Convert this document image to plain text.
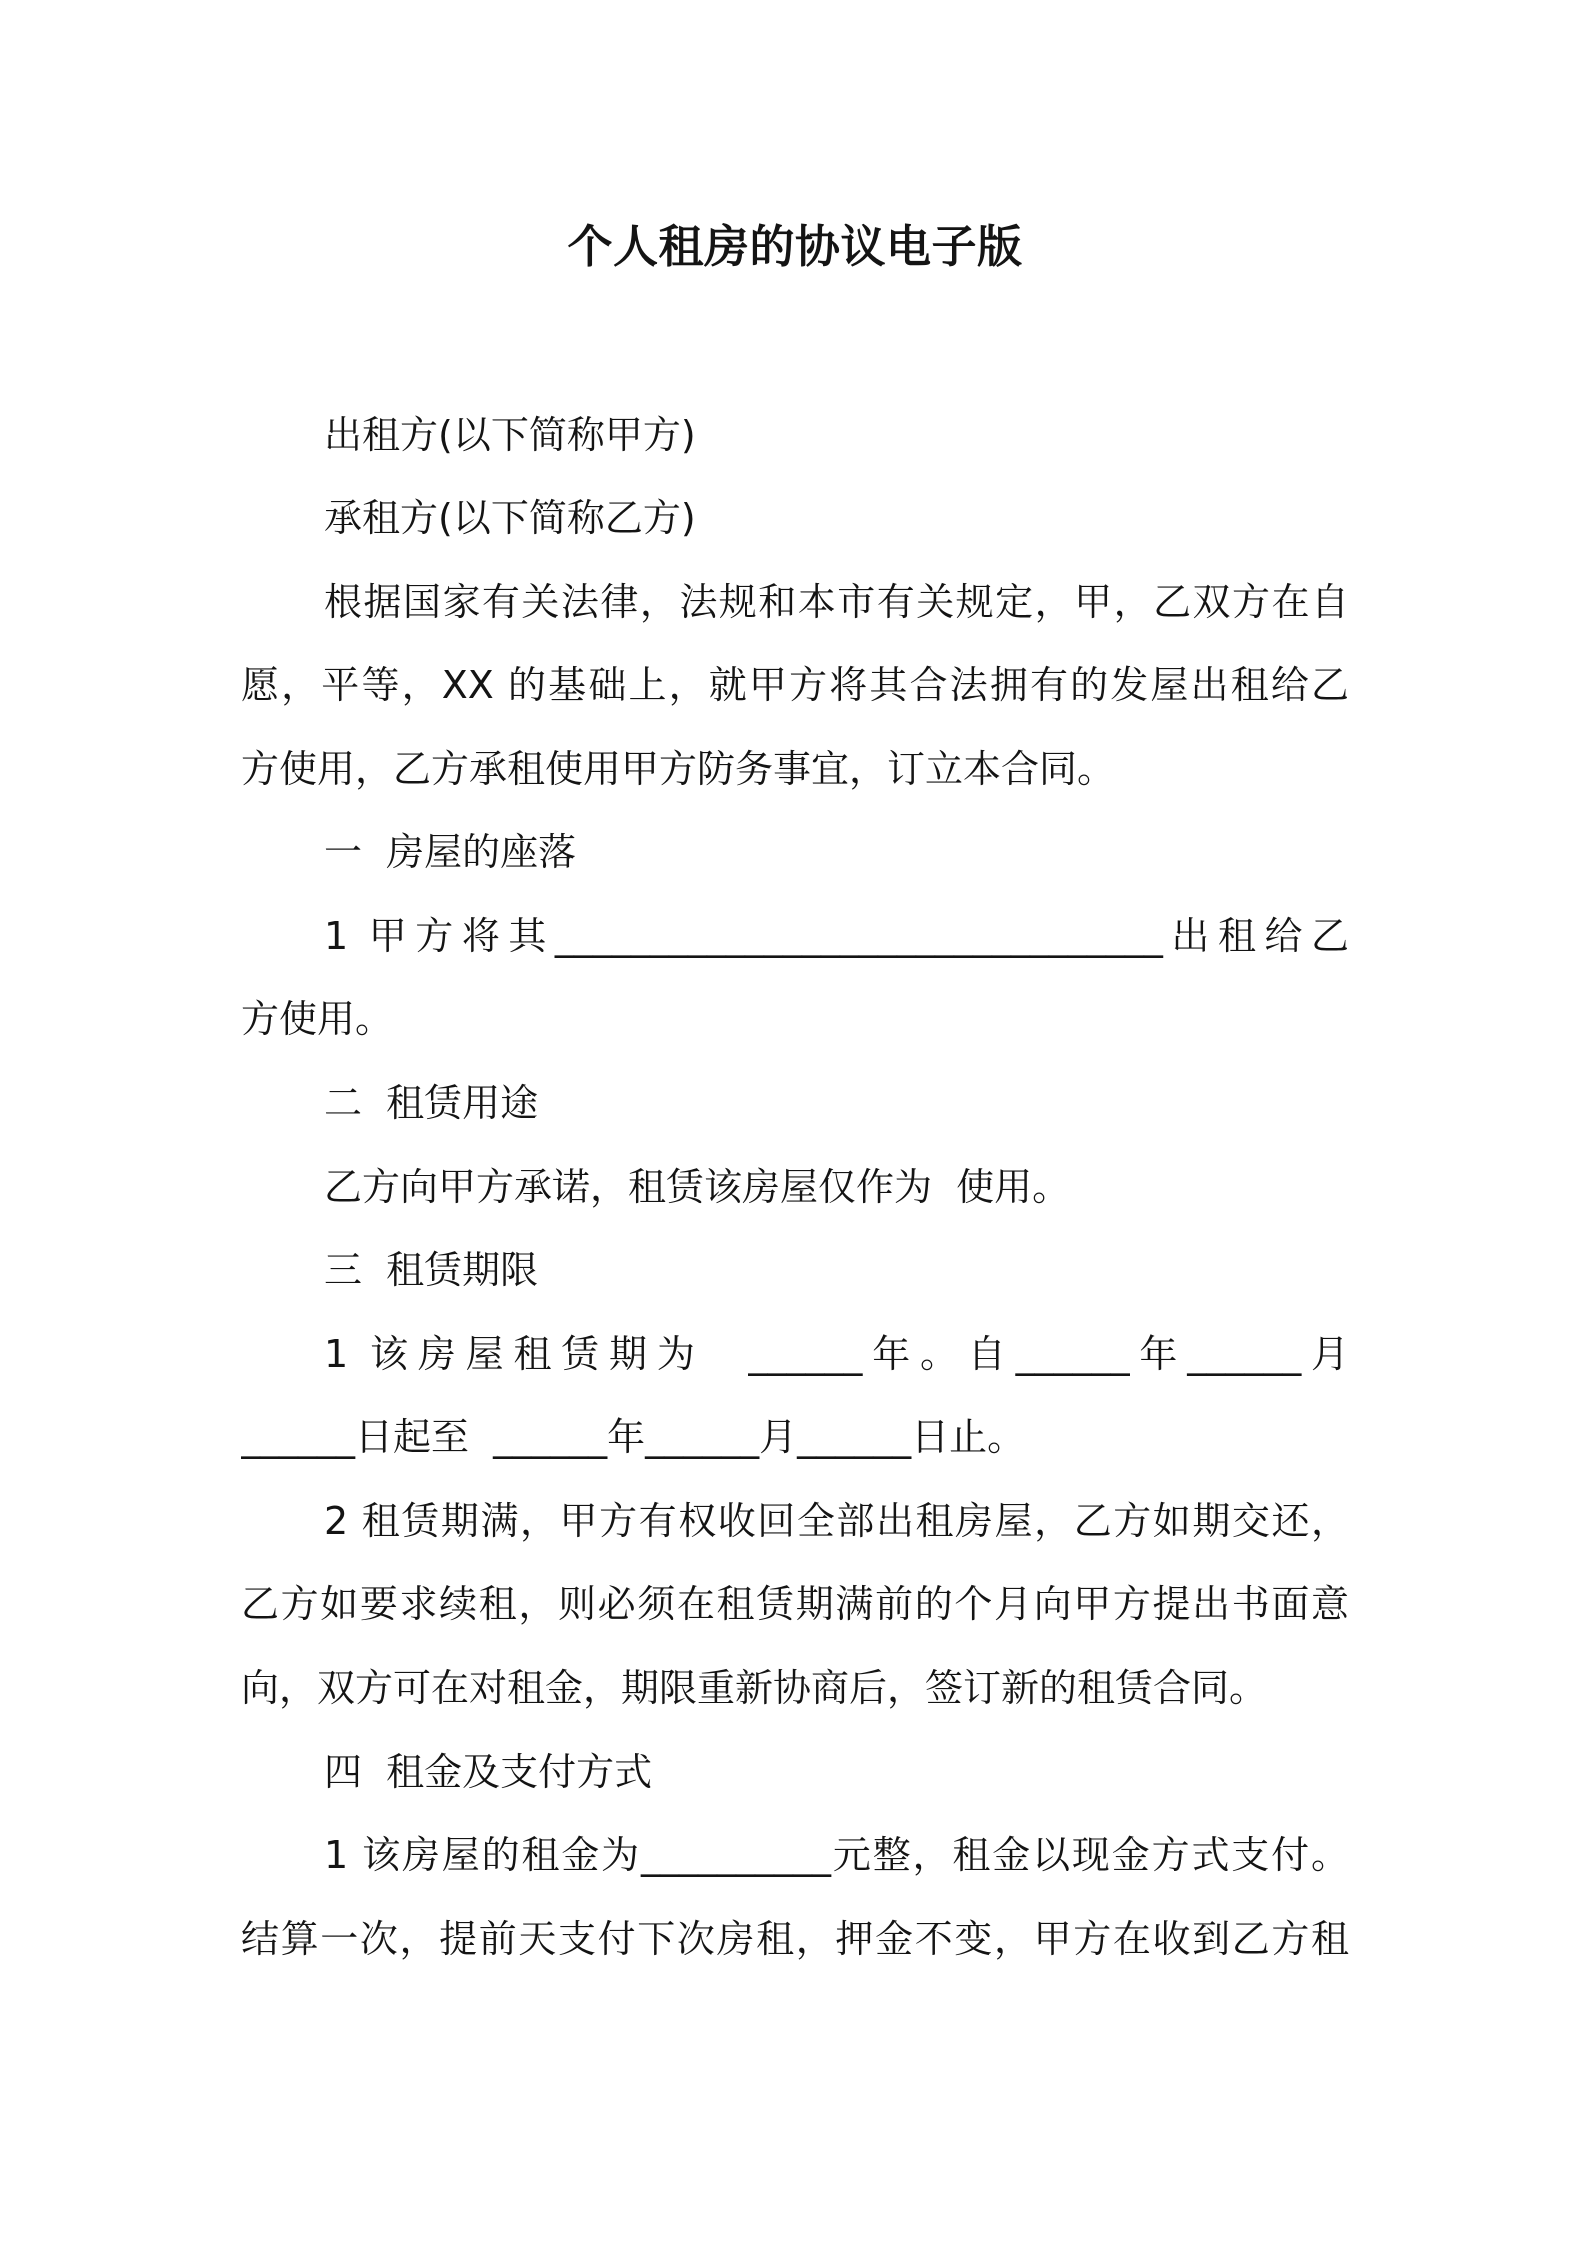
个人租房的协议电子版
出租方(以下简称甲方)
承租方(以下简称乙方)
根据国家有关法律，法规和本市有关规定，甲，乙双方在自
愿，平等，XX 的基础上，就甲方将其合法拥有的发屋出租给乙
方使用，乙方承租使用甲方防务事宜，订立本合同。
一  房屋的座落
1 甲方将其________________________________出租给乙
方使用。
二  租赁用途
乙方向甲方承诺，租赁该房屋仅作为  使用。
三  租赁期限
1 该房屋租赁期为  ______年。自______年______月
______日起至  ______年______月______日止。
2 租赁期满，甲方有权收回全部出租房屋，乙方如期交还，
乙方如要求续租，则必须在租赁期满前的个月向甲方提出书面意
向，双方可在对租金，期限重新协商后，签订新的租赁合同。
四  租金及支付方式
1 该房屋的租金为__________元整，租金以现金方式支付。
结算一次，提前天支付下次房租，押金不变，甲方在收到乙方租
